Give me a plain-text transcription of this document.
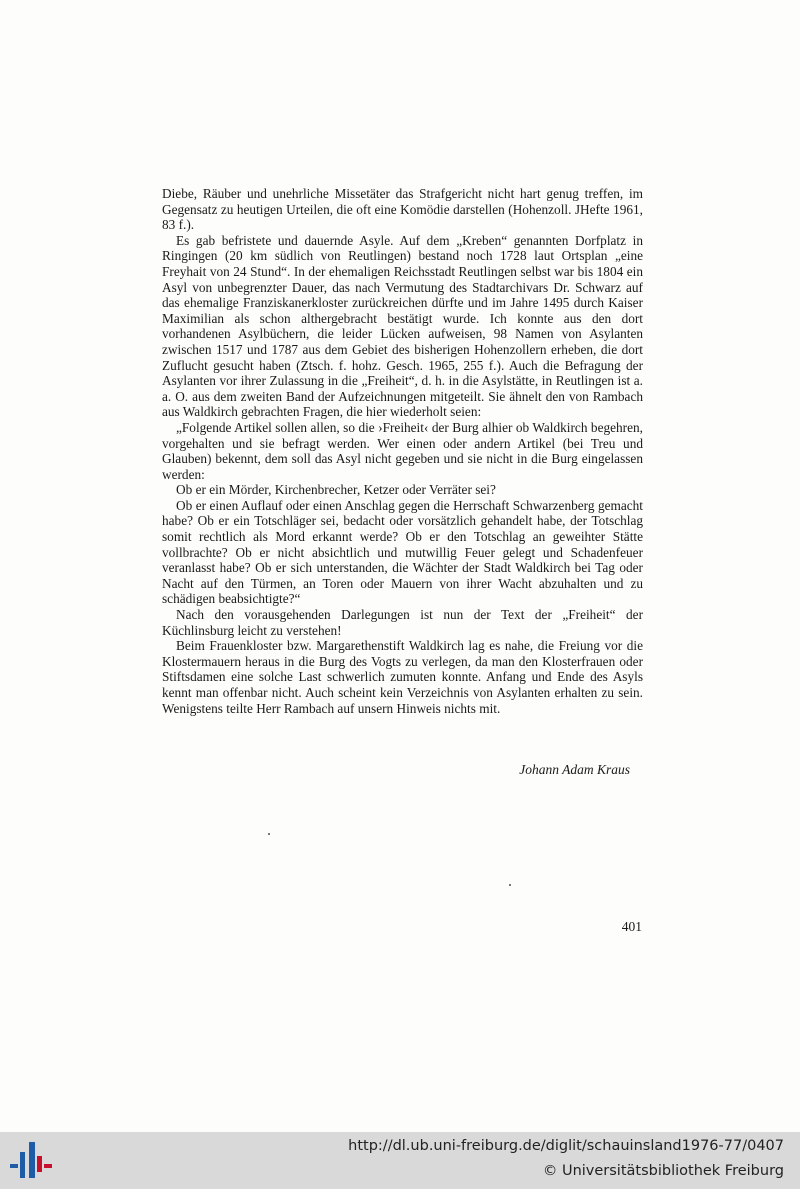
Diebe, Räuber und unehrliche Missetäter das Strafgericht nicht hart genug treffen, im Gegensatz zu heutigen Urteilen, die oft eine Komödie darstellen (Hohenzoll. JHefte 1961, 83 f.).

Es gab befristete und dauernde Asyle. Auf dem „Kreben“ genannten Dorfplatz in Ringingen (20 km südlich von Reutlingen) bestand noch 1728 laut Ortsplan „eine Freyhait von 24 Stund“. In der ehemaligen Reichsstadt Reutlingen selbst war bis 1804 ein Asyl von unbegrenzter Dauer, das nach Vermutung des Stadtarchivars Dr. Schwarz auf das ehemalige Franziskanerkloster zurückreichen dürfte und im Jahre 1495 durch Kaiser Maximilian als schon althergebracht bestätigt wurde. Ich konnte aus den dort vorhandenen Asylbüchern, die leider Lücken aufweisen, 98 Namen von Asylanten zwischen 1517 und 1787 aus dem Gebiet des bisherigen Hohenzollern erheben, die dort Zuflucht gesucht haben (Ztsch. f. hohz. Gesch. 1965, 255 f.). Auch die Befragung der Asylanten vor ihrer Zulassung in die „Freiheit“, d. h. in die Asylstätte, in Reutlingen ist a. a. O. aus dem zweiten Band der Aufzeichnungen mitgeteilt. Sie ähnelt den von Rambach aus Waldkirch gebrachten Fragen, die hier wiederholt seien:

„Folgende Artikel sollen allen, so die ›Freiheit‹ der Burg alhier ob Waldkirch begehren, vorgehalten und sie befragt werden. Wer einen oder andern Artikel (bei Treu und Glauben) bekennt, dem soll das Asyl nicht gegeben und sie nicht in die Burg eingelassen werden:

Ob er ein Mörder, Kirchenbrecher, Ketzer oder Verräter sei?

Ob er einen Auflauf oder einen Anschlag gegen die Herrschaft Schwarzenberg gemacht habe? Ob er ein Totschläger sei, bedacht oder vorsätzlich gehandelt habe, der Totschlag somit rechtlich als Mord erkannt werde? Ob er den Totschlag an geweihter Stätte vollbrachte? Ob er nicht absichtlich und mutwillig Feuer gelegt und Schadenfeuer veranlasst habe? Ob er sich unterstanden, die Wächter der Stadt Waldkirch bei Tag oder Nacht auf den Türmen, an Toren oder Mauern von ihrer Wacht abzuhalten und zu schädigen beabsichtigte?“

Nach den vorausgehenden Darlegungen ist nun der Text der „Freiheit“ der Küchlinsburg leicht zu verstehen!

Beim Frauenkloster bzw. Margarethenstift Waldkirch lag es nahe, die Freiung vor die Klostermauern heraus in die Burg des Vogts zu verlegen, da man den Klosterfrauen oder Stiftsdamen eine solche Last schwerlich zumuten konnte. Anfang und Ende des Asyls kennt man offenbar nicht. Auch scheint kein Verzeichnis von Asylanten erhalten zu sein. Wenigstens teilte Herr Rambach auf unsern Hinweis nichts mit.

Johann Adam Kraus
401
http://dl.ub.uni-freiburg.de/diglit/schauinsland1976-77/0407
© Universitätsbibliothek Freiburg
